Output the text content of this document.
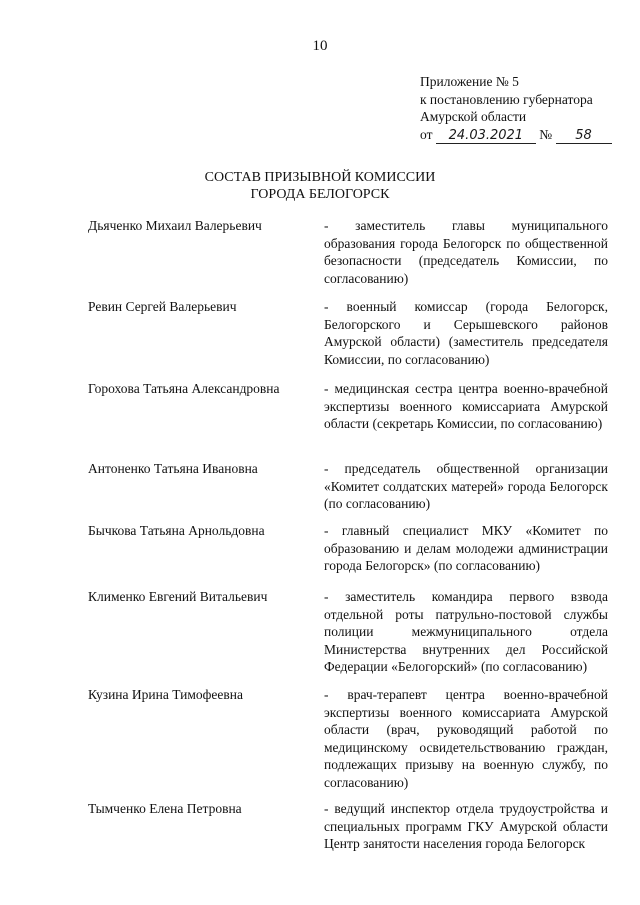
10
Приложение № 5
к постановлению губернатора
Амурской области
от 24.03.2021 № 58
СОСТАВ ПРИЗЫВНОЙ КОМИССИИ
ГОРОДА БЕЛОГОРСК
Дьяченко Михаил Валерьевич	- заместитель главы муниципального образования города Белогорск по общественной безопасности (председатель Комиссии, по согласованию)
Ревин Сергей Валерьевич	- военный комиссар (города Белогорск, Белогорского и Серышевского районов Амурской области) (заместитель председателя Комиссии, по согласованию)
Горохова Татьяна Александровна	- медицинская сестра центра военно-врачебной экспертизы военного комиссариата Амурской области (секретарь Комиссии, по согласованию)
Антоненко Татьяна Ивановна	- председатель общественной организации «Комитет солдатских матерей» города Белогорск (по согласованию)
Бычкова Татьяна Арнольдовна	- главный специалист МКУ «Комитет по образованию и делам молодежи администрации города Белогорск» (по согласованию)
Клименко Евгений Витальевич	- заместитель командира первого взвода отдельной роты патрульно-постовой службы полиции межмуниципального отдела Министерства внутренних дел Российской Федерации «Белогорский» (по согласованию)
Кузина Ирина Тимофеевна	- врач-терапевт центра военно-врачебной экспертизы военного комиссариата Амурской области (врач, руководящий работой по медицинскому освидетельствованию граждан, подлежащих призыву на военную службу, по согласованию)
Тымченко Елена Петровна	- ведущий инспектор отдела трудоустройства и специальных программ ГКУ Амурской области Центр занятости населения города Белогорск
